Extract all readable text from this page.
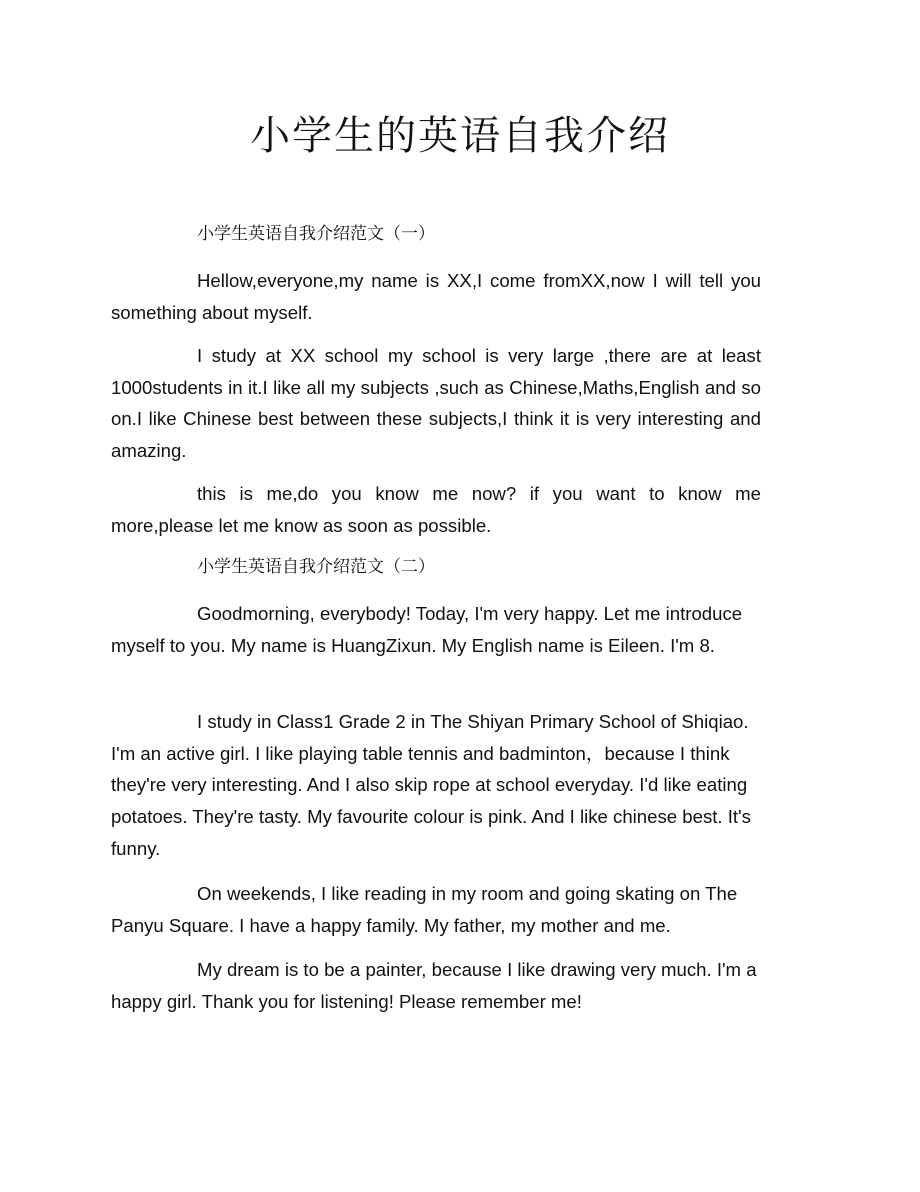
小学生的英语自我介绍
小学生英语自我介绍范文（一）

Hellow,everyone,my name is XX,I come fromXX,now I will tell you something about myself.

I study at XX school my school is very large ,there are at least 1000students in it.I like all my subjects ,such as Chinese,Maths,English and so on.I like Chinese best between these subjects,I think it is very interesting and amazing.

this is me,do you know me now? if you want to know me more,please let me know as soon as possible.

小学生英语自我介绍范文（二）

Goodmorning, everybody! Today, I'm very happy. Let me introduce myself to you. My name is HuangZixun. My English name is Eileen. I'm 8.

I study in Class1 Grade 2 in The Shiyan Primary School of Shiqiao. I'm an active girl. I like playing table tennis and badminton，because I think they're very interesting. And I also skip rope at school everyday. I'd like eating potatoes. They're tasty. My favourite colour is pink. And I like chinese best. It's funny.

On weekends, I like reading in my room and going skating on The Panyu Square. I have a happy family. My father, my mother and me.

My dream is to be a painter, because I like drawing very much. I'm a happy girl. Thank you for listening! Please remember me!
